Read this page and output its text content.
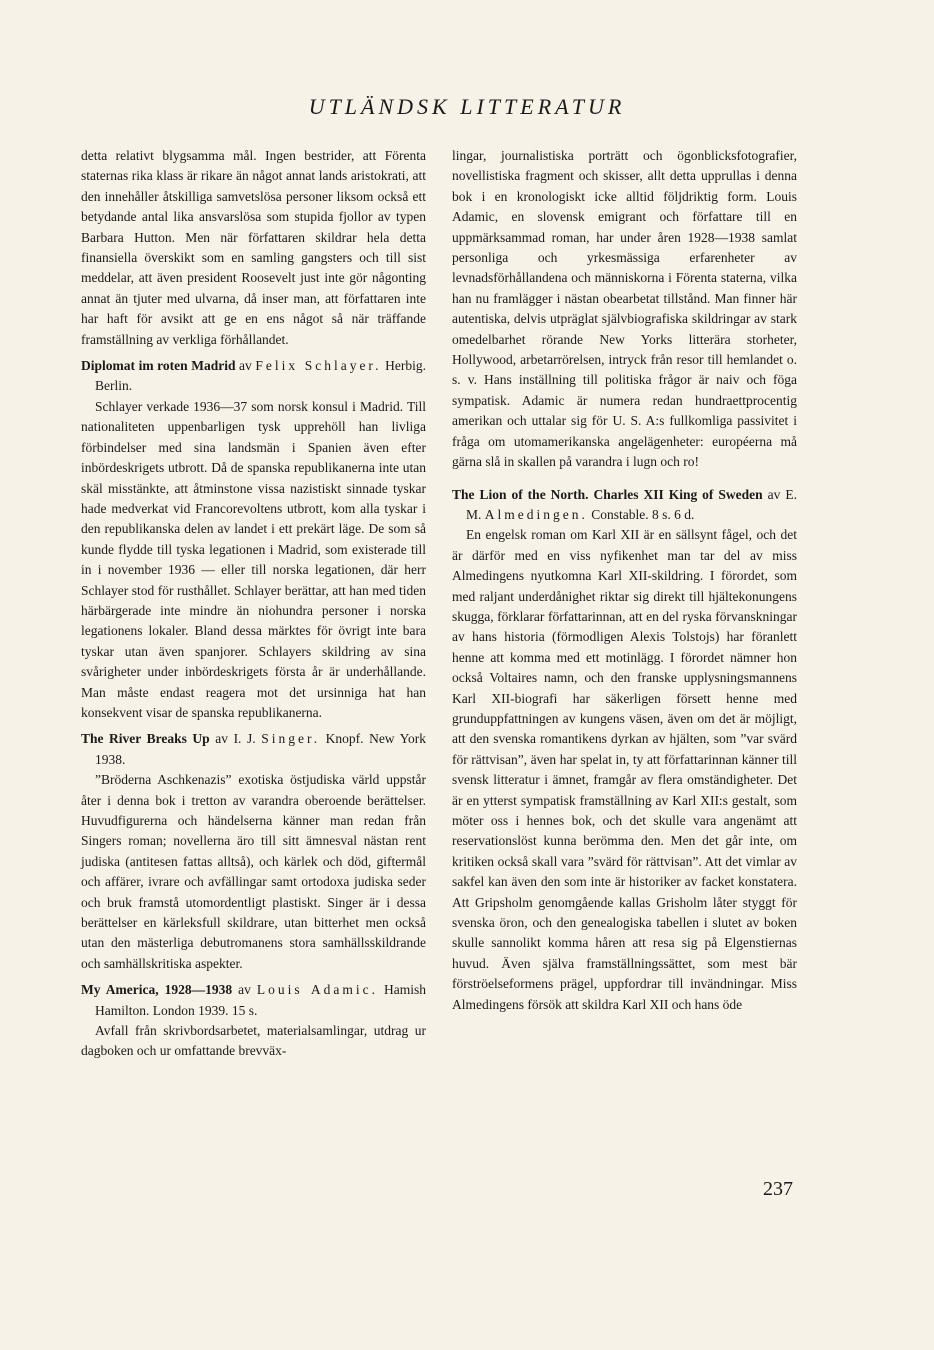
UTLÄNDSK LITTERATUR

detta relativt blygsamma mål. Ingen bestrider, att Förenta staternas rika klass är rikare än något annat lands aristokrati, att den innehåller åtskilliga samvetslösa personer liksom också ett betydande antal lika ansvarslösa som stupida fjollor av typen Barbara Hutton. Men när författaren skildrar hela detta finansiella överskikt som en samling gangsters och till sist meddelar, att även president Roosevelt just inte gör någonting annat än tjuter med ulvarna, då inser man, att författaren inte har haft för avsikt att ge en ens något så när träffande framställning av verkliga förhållandet.

Diplomat im roten Madrid av Felix Schlayer. Herbig. Berlin.

Schlayer verkade 1936—37 som norsk konsul i Madrid. Till nationaliteten uppenbarligen tysk upprehöll han livliga förbindelser med sina landsmän i Spanien även efter inbördeskrigets utbrott. Då de spanska republikanerna inte utan skäl misstänkte, att åtminstone vissa nazistiskt sinnade tyskar hade medverkat vid Francorevoltens utbrott, kom alla tyskar i den republikanska delen av landet i ett prekärt läge. De som så kunde flydde till tyska legationen i Madrid, som existerade till in i november 1936 — eller till norska legationen, där herr Schlayer stod för rusthållet. Schlayer berättar, att han med tiden härbärgerade inte mindre än niohundra personer i norska legationens lokaler. Bland dessa märktes för övrigt inte bara tyskar utan även spanjorer. Schlayers skildring av sina svårigheter under inbördeskrigets första år är underhållande. Man måste endast reagera mot det ursinniga hat han konsekvent visar de spanska republikanerna.

The River Breaks Up av I. J. Singer. Knopf. New York 1938.

”Bröderna Aschkenazis” exotiska östjudiska värld uppstår åter i denna bok i tretton av varandra oberoende berättelser. Huvudfigurerna och händelserna känner man redan från Singers roman; novellerna äro till sitt ämnesval nästan rent judiska (antitesen fattas alltså), och kärlek och död, giftermål och affärer, ivrare och avfällingar samt ortodoxa judiska seder och bruk framstå utomordentligt plastiskt. Singer är i dessa berättelser en kärleksfull skildrare, utan bitterhet men också utan den mästerliga debutromanens stora samhällsskildrande och samhällskritiska aspekter.

My America, 1928—1938 av Louis Adamic. Hamish Hamilton. London 1939. 15 s.

Avfall från skrivbordsarbetet, materialsamlingar, utdrag ur dagboken och ur omfattande brevväx-

lingar, journalistiska porträtt och ögonblicksfotografier, novellistiska fragment och skisser, allt detta upprullas i denna bok i en kronologiskt icke alltid följdriktig form. Louis Adamic, en slovensk emigrant och författare till en uppmärksammad roman, har under åren 1928—1938 samlat personliga och yrkesmässiga erfarenheter av levnadsförhållandena och människorna i Förenta staterna, vilka han nu framlägger i nästan obearbetat tillstånd. Man finner här autentiska, delvis utpräglat självbiografiska skildringar av stark omedelbarhet rörande New Yorks litterära storheter, Hollywood, arbetarrörelsen, intryck från resor till hemlandet o. s. v. Hans inställning till politiska frågor är naiv och föga sympatisk. Adamic är numera redan hundraettprocentig amerikan och uttalar sig för U. S. A:s fullkomliga passivitet i fråga om utomamerikanska angelägenheter: européerna må gärna slå in skallen på varandra i lugn och ro!

The Lion of the North. Charles XII King of Sweden av E. M. Almedingen. Constable. 8 s. 6 d.

En engelsk roman om Karl XII är en sällsynt fågel, och det är därför med en viss nyfikenhet man tar del av miss Almedingens nyutkomna Karl XII-skildring. I förordet, som med raljant underdånighet riktar sig direkt till hjältekonungens skugga, förklarar författarinnan, att en del ryska förvanskningar av hans historia (förmodligen Alexis Tolstojs) har föranlett henne att komma med ett motinlägg. I förordet nämner hon också Voltaires namn, och den franske upplysningsmannens Karl XII-biografi har säkerligen försett henne med grunduppfattningen av kungens väsen, även om det är möjligt, att den svenska romantikens dyrkan av hjälten, som ”var svärd för rättvisan”, även har spelat in, ty att författarinnan känner till svensk litteratur i ämnet, framgår av flera omständigheter. Det är en ytterst sympatisk framställning av Karl XII:s gestalt, som möter oss i hennes bok, och det skulle vara angenämt att reservationslöst kunna berömma den. Men det går inte, om kritiken också skall vara ”svärd för rättvisan”. Att det vimlar av sakfel kan även den som inte är historiker av facket konstatera. Att Gripsholm genomgående kallas Grisholm låter styggt för svenska öron, och den genealogiska tabellen i slutet av boken skulle sannolikt komma håren att resa sig på Elgenstiernas huvud. Även själva framställningssättet, som mest bär förströelseformens prägel, uppfordrar till invändningar. Miss Almedingens försök att skildra Karl XII och hans öde

237
